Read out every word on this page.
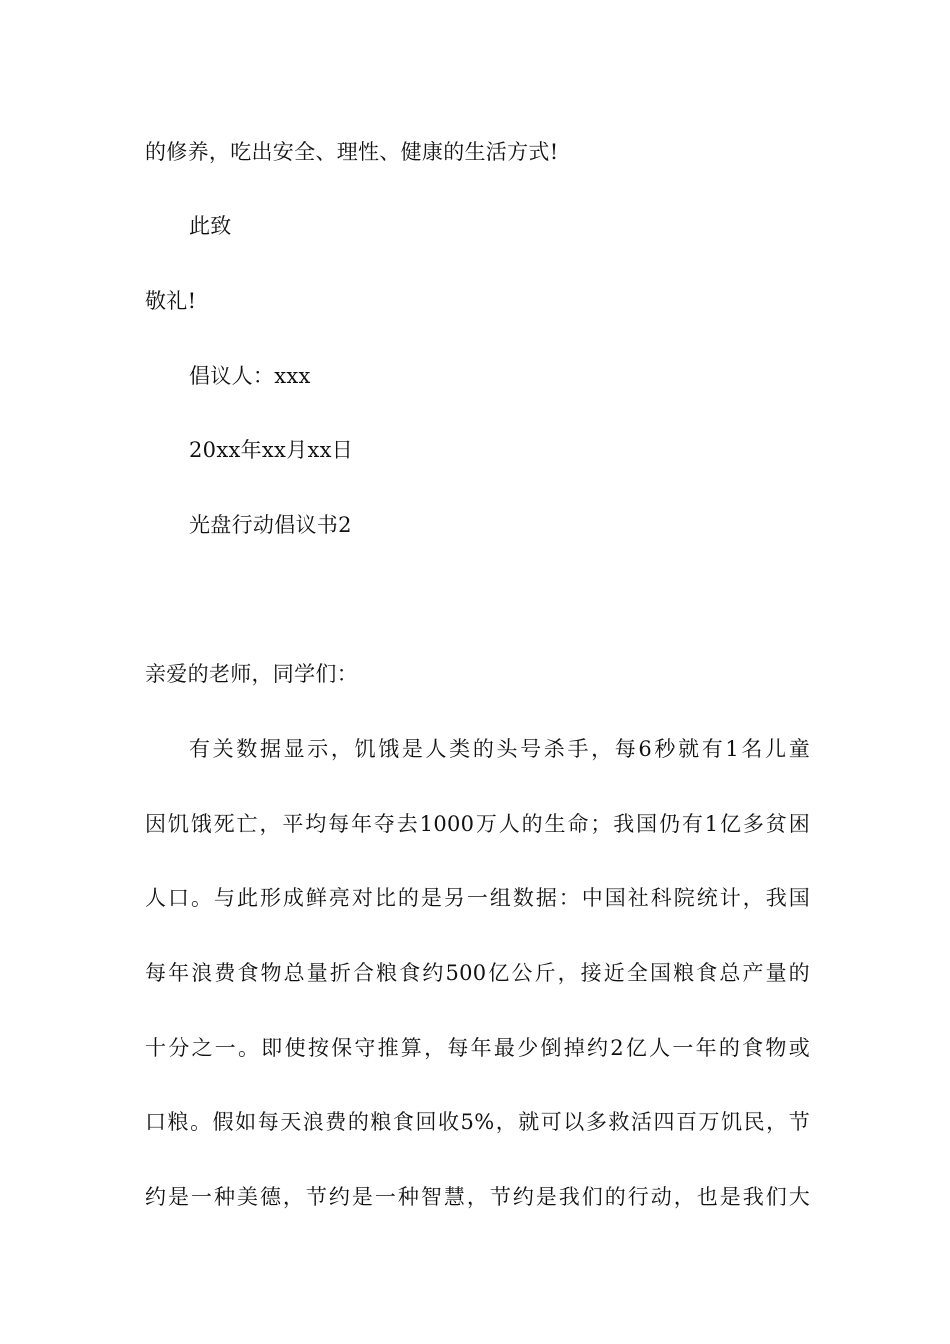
的修养，吃出安全、理性、健康的生活方式!
此致
敬礼!
倡议人：xxx
20xx年xx月xx日
光盘行动倡议书2
亲爱的老师，同学们：
有关数据显示，饥饿是人类的头号杀手，每6秒就有1名儿童
因饥饿死亡，平均每年夺去1000万人的生命；我国仍有1亿多贫困
人口。与此形成鲜亮对比的是另一组数据：中国社科院统计，我国
每年浪费食物总量折合粮食约500亿公斤，接近全国粮食总产量的
十分之一。即使按保守推算，每年最少倒掉约2亿人一年的食物或
口粮。假如每天浪费的粮食回收5%，就可以多救活四百万饥民，节
约是一种美德，节约是一种智慧，节约是我们的行动，也是我们大
